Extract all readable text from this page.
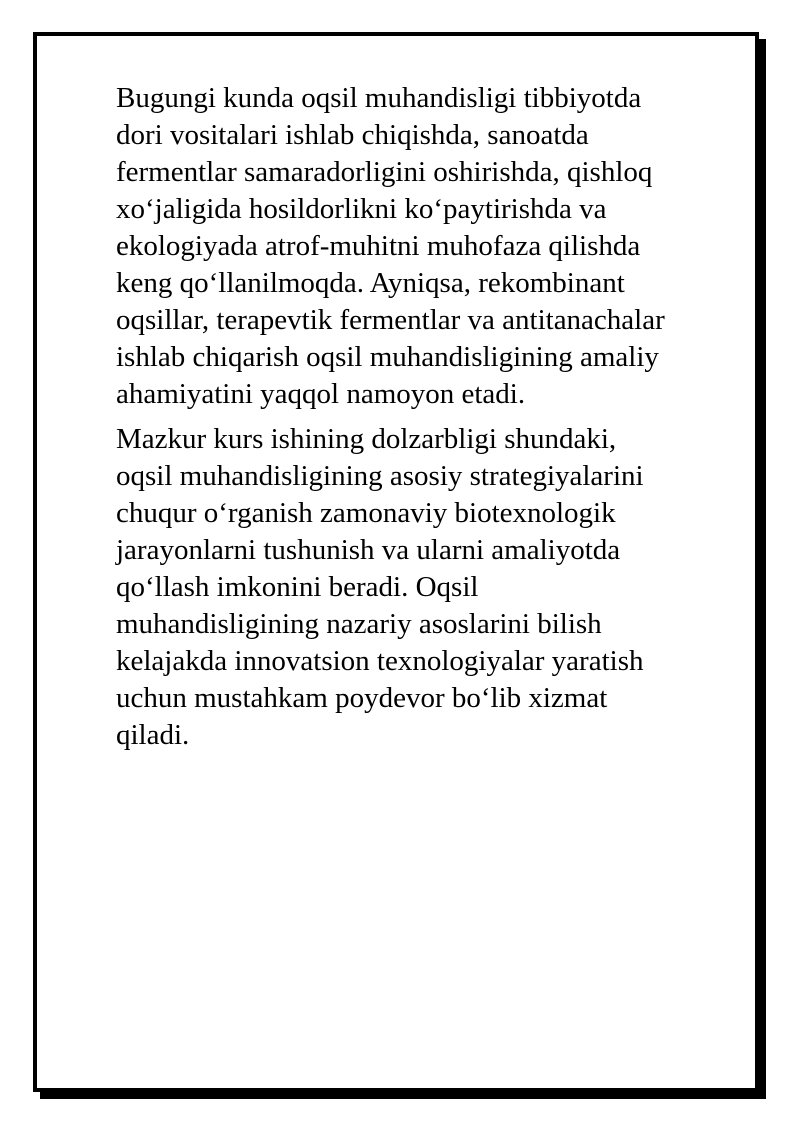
Bugungi kunda oqsil muhandisligi tibbiyotda
dori vositalari ishlab chiqishda, sanoatda
fermentlar samaradorligini oshirishda, qishloq
xo‘jaligida hosildorlikni ko‘paytirishda va
ekologiyada atrof-muhitni muhofaza qilishda
keng qo‘llanilmoqda. Ayniqsa, rekombinant
oqsillar, terapevtik fermentlar va antitanachalar
ishlab chiqarish oqsil muhandisligining amaliy
ahamiyatini yaqqol namoyon etadi.
Mazkur kurs ishining dolzarbligi shundaki,
oqsil muhandisligining asosiy strategiyalarini
chuqur o‘rganish zamonaviy biotexnologik
jarayonlarni tushunish va ularni amaliyotda
qo‘llash imkonini beradi. Oqsil
muhandisligining nazariy asoslarini bilish
kelajakda innovatsion texnologiyalar yaratish
uchun mustahkam poydevor bo‘lib xizmat
qiladi.
